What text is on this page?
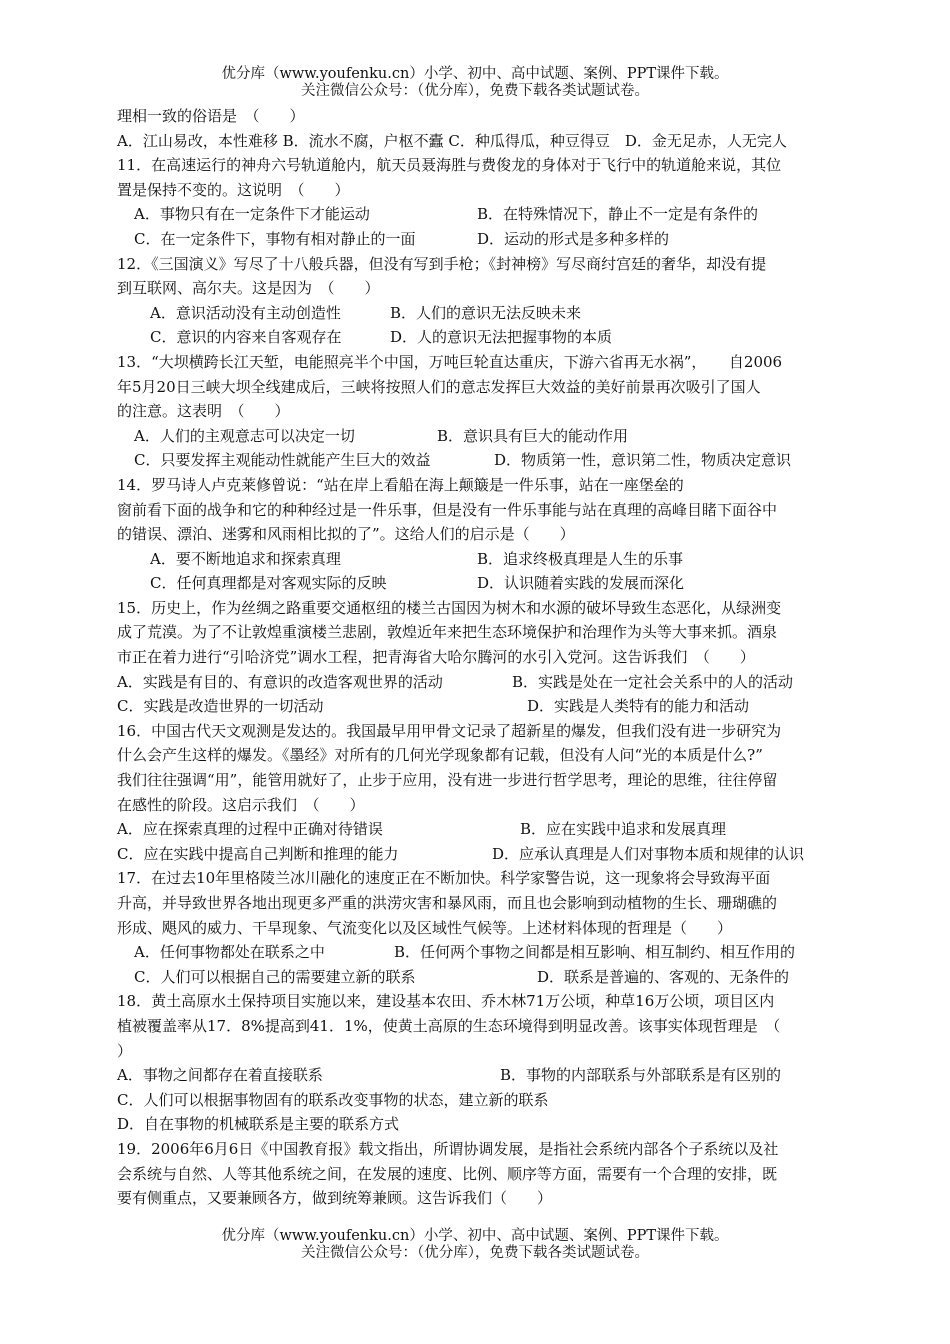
优分库（www.youfenku.cn）小学、初中、高中试题、案例、PPT课件下载。
关注微信公众号：（优分库），免费下载各类试题试卷。
理相一致的俗语是　（　　）
A．江山易改，本性难移 B．流水不腐，户枢不蠹 C．种瓜得瓜，种豆得豆　D．金无足赤，人无完人
11．在高速运行的神舟六号轨道舱内，航天员聂海胜与费俊龙的身体对于飞行中的轨道舱来说，其位
置是保持不变的。这说明　（　　）
A．事物只有在一定条件下才能运动	B．在特殊情况下，静止不一定是有条件的
C．在一定条件下，事物有相对静止的一面	D．运动的形式是多种多样的
12．《三国演义》写尽了十八般兵器，但没有写到手枪；《封神榜》写尽商纣宫廷的奢华，却没有提
到互联网、高尔夫。这是因为　（　　）
A．意识活动没有主动创造性	B．人们的意识无法反映未来
C．意识的内容来自客观存在	D．人的意识无法把握事物的本质
13．“大坝横跨长江天堑，电能照亮半个中国，万吨巨轮直达重庆，下游六省再无水祸”，　　自2006
年5月20日三峡大坝全线建成后，三峡将按照人们的意志发挥巨大效益的美好前景再次吸引了国人
的注意。这表明　（　　）
A．人们的主观意志可以决定一切	B．意识具有巨大的能动作用
C．只要发挥主观能动性就能产生巨大的效益	D．物质第一性，意识第二性，物质决定意识
14．罗马诗人卢克莱修曾说：“站在岸上看船在海上颠簸是一件乐事，站在一座堡垒的
窗前看下面的战争和它的种种经过是一件乐事，但是没有一件乐事能与站在真理的高峰目睹下面谷中
的错误、漂泊、迷雾和风雨相比拟的了”。这给人们的启示是（　　）
A．要不断地追求和探索真理	B．追求终极真理是人生的乐事
C．任何真理都是对客观实际的反映	D．认识随着实践的发展而深化
15．历史上，作为丝绸之路重要交通枢纽的楼兰古国因为树木和水源的破坏导致生态恶化，从绿洲变
成了荒漠。为了不让敦煌重演楼兰悲剧，敦煌近年来把生态环境保护和治理作为头等大事来抓。酒泉
市正在着力进行“引哈济党”调水工程，把青海省大哈尔腾河的水引入党河。这告诉我们　（　　）
A．实践是有目的、有意识的改造客观世界的活动	B．实践是处在一定社会关系中的人的活动
C．实践是改造世界的一切活动	D．实践是人类特有的能力和活动
16．中国古代天文观测是发达的。我国最早用甲骨文记录了超新星的爆发，但我们没有进一步研究为
什么会产生这样的爆发。《墨经》对所有的几何光学现象都有记载，但没有人问“光的本质是什么?”
我们往往强调“用”，能管用就好了，止步于应用，没有进一步进行哲学思考，理论的思维，往往停留
在感性的阶段。这启示我们　（　　）
A．应在探索真理的过程中正确对待错误	B．应在实践中追求和发展真理
C．应在实践中提高自己判断和推理的能力	D．应承认真理是人们对事物本质和规律的认识
17．在过去10年里格陵兰冰川融化的速度正在不断加快。科学家警告说，这一现象将会导致海平面
升高，并导致世界各地出现更多严重的洪涝灾害和暴风雨，而且也会影响到动植物的生长、珊瑚礁的
形成、飓风的威力、干旱现象、气流变化以及区域性气候等。上述材料体现的哲理是（　　）
A．任何事物都处在联系之中	B．任何两个事物之间都是相互影响、相互制约、相互作用的
C．人们可以根据自己的需要建立新的联系	D．联系是普遍的、客观的、无条件的
18．黄土高原水土保持项目实施以来，建设基本农田、乔木林71万公顷，种草16万公顷，项目区内
植被覆盖率从17．8%提高到41．1%，使黄土高原的生态环境得到明显改善。该事实体现哲理是　（
）
A．事物之间都存在着直接联系	B．事物的内部联系与外部联系是有区别的
C．人们可以根据事物固有的联系改变事物的状态，建立新的联系
D．自在事物的机械联系是主要的联系方式
19．2006年6月6日《中国教育报》载文指出，所谓协调发展，是指社会系统内部各个子系统以及社
会系统与自然、人等其他系统之间，在发展的速度、比例、顺序等方面，需要有一个合理的安排，既
要有侧重点，又要兼顾各方，做到统筹兼顾。这告诉我们（　　）
优分库（www.youfenku.cn）小学、初中、高中试题、案例、PPT课件下载。
关注微信公众号：（优分库），免费下载各类试题试卷。
